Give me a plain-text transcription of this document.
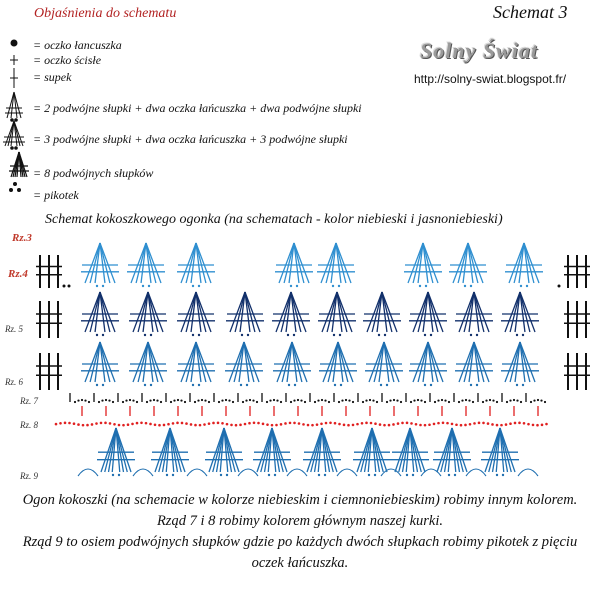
Objaśnienia do schematu
= oczko łancuszka
= oczko ścisłe
= supek
= 2 podwójne słupki + dwa oczka łańcuszka + dwa podwójne słupki
= 3 podwójne słupki + dwa oczka łańcuszka + 3 podwójne słupki
= 8 podwójnych słupków
= pikotek
Schemat 3
Solny Świat
http://solny-swiat.blogspot.fr/
Schemat kokoszkowego ogonka (na schematach - kolor niebieski i jasnoniebieski)
Rz.3
Rz.4
Rz. 5
Rz. 6
Rz. 7
Rz. 8
Rz. 9
Ogon kokoszki (na schemacie w kolorze niebieskim i ciemnoniebieskim) robimy innym kolorem.
Rząd 7 i 8 robimy kolorem głównym naszej kurki.
Rząd 9 to osiem podwójnych słupków gdzie po każdych dwóch słupkach robimy pikotek z pięciu oczek łańcuszka.
